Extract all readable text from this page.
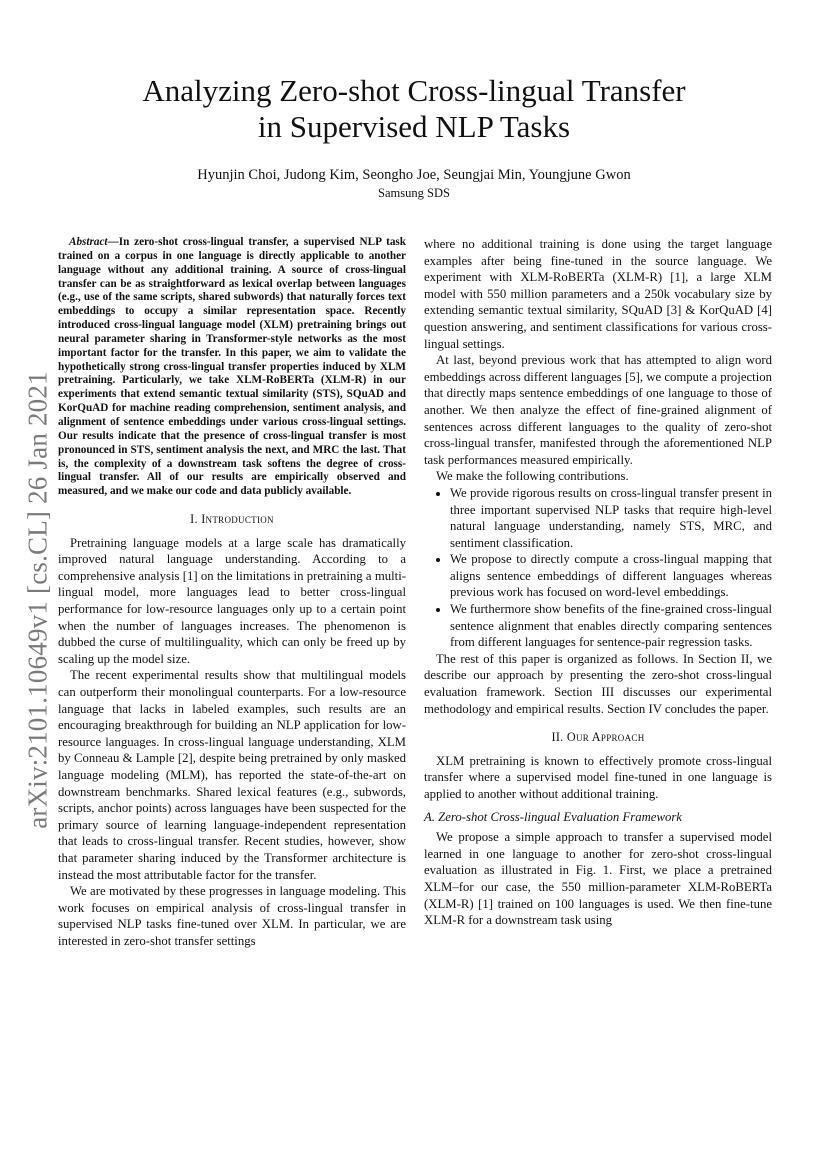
arXiv:2101.10649v1 [cs.CL] 26 Jan 2021
Analyzing Zero-shot Cross-lingual Transfer
in Supervised NLP Tasks
Hyunjin Choi, Judong Kim, Seongho Joe, Seungjai Min, Youngjune Gwon
Samsung SDS
Abstract—In zero-shot cross-lingual transfer, a supervised NLP task trained on a corpus in one language is directly applicable to another language without any additional training. A source of cross-lingual transfer can be as straightforward as lexical overlap between languages (e.g., use of the same scripts, shared subwords) that naturally forces text embeddings to occupy a similar representation space. Recently introduced cross-lingual language model (XLM) pretraining brings out neural parameter sharing in Transformer-style networks as the most important factor for the transfer. In this paper, we aim to validate the hypothetically strong cross-lingual transfer properties induced by XLM pretraining. Particularly, we take XLM-RoBERTa (XLM-R) in our experiments that extend semantic textual similarity (STS), SQuAD and KorQuAD for machine reading comprehension, sentiment analysis, and alignment of sentence embeddings under various cross-lingual settings. Our results indicate that the presence of cross-lingual transfer is most pronounced in STS, sentiment analysis the next, and MRC the last. That is, the complexity of a downstream task softens the degree of cross-lingual transfer. All of our results are empirically observed and measured, and we make our code and data publicly available.
I. Introduction

Pretraining language models at a large scale has dramatically improved natural language understanding. According to a comprehensive analysis [1] on the limitations in pretraining a multi-lingual model, more languages lead to better cross-lingual performance for low-resource languages only up to a certain point when the number of languages increases. The phenomenon is dubbed the curse of multilinguality, which can only be freed up by scaling up the model size.

The recent experimental results show that multilingual models can outperform their monolingual counterparts. For a low-resource language that lacks in labeled examples, such results are an encouraging breakthrough for building an NLP application for low-resource languages. In cross-lingual language understanding, XLM by Conneau & Lample [2], despite being pretrained by only masked language modeling (MLM), has reported the state-of-the-art on downstream benchmarks. Shared lexical features (e.g., subwords, scripts, anchor points) across languages have been suspected for the primary source of learning language-independent representation that leads to cross-lingual transfer. Recent studies, however, show that parameter sharing induced by the Transformer architecture is instead the most attributable factor for the transfer.

We are motivated by these progresses in language modeling. This work focuses on empirical analysis of cross-lingual transfer in supervised NLP tasks fine-tuned over XLM. In particular, we are interested in zero-shot transfer settings

where no additional training is done using the target language examples after being fine-tuned in the source language. We experiment with XLM-RoBERTa (XLM-R) [1], a large XLM model with 550 million parameters and a 250k vocabulary size by extending semantic textual similarity, SQuAD [3] & KorQuAD [4] question answering, and sentiment classifications for various cross-lingual settings.

At last, beyond previous work that has attempted to align word embeddings across different languages [5], we compute a projection that directly maps sentence embeddings of one language to those of another. We then analyze the effect of fine-grained alignment of sentences across different languages to the quality of zero-shot cross-lingual transfer, manifested through the aforementioned NLP task performances measured empirically.

We make the following contributions.

• We provide rigorous results on cross-lingual transfer present in three important supervised NLP tasks that require high-level natural language understanding, namely STS, MRC, and sentiment classification.
• We propose to directly compute a cross-lingual mapping that aligns sentence embeddings of different languages whereas previous work has focused on word-level embeddings.
• We furthermore show benefits of the fine-grained cross-lingual sentence alignment that enables directly comparing sentences from different languages for sentence-pair regression tasks.

The rest of this paper is organized as follows. In Section II, we describe our approach by presenting the zero-shot cross-lingual evaluation framework. Section III discusses our experimental methodology and empirical results. Section IV concludes the paper.

II. Our Approach

XLM pretraining is known to effectively promote cross-lingual transfer where a supervised model fine-tuned in one language is applied to another without additional training.

A. Zero-shot Cross-lingual Evaluation Framework

We propose a simple approach to transfer a supervised model learned in one language to another for zero-shot cross-lingual evaluation as illustrated in Fig. 1. First, we place a pretrained XLM–for our case, the 550 million-parameter XLM-RoBERTa (XLM-R) [1] trained on 100 languages is used. We then fine-tune XLM-R for a downstream task using
